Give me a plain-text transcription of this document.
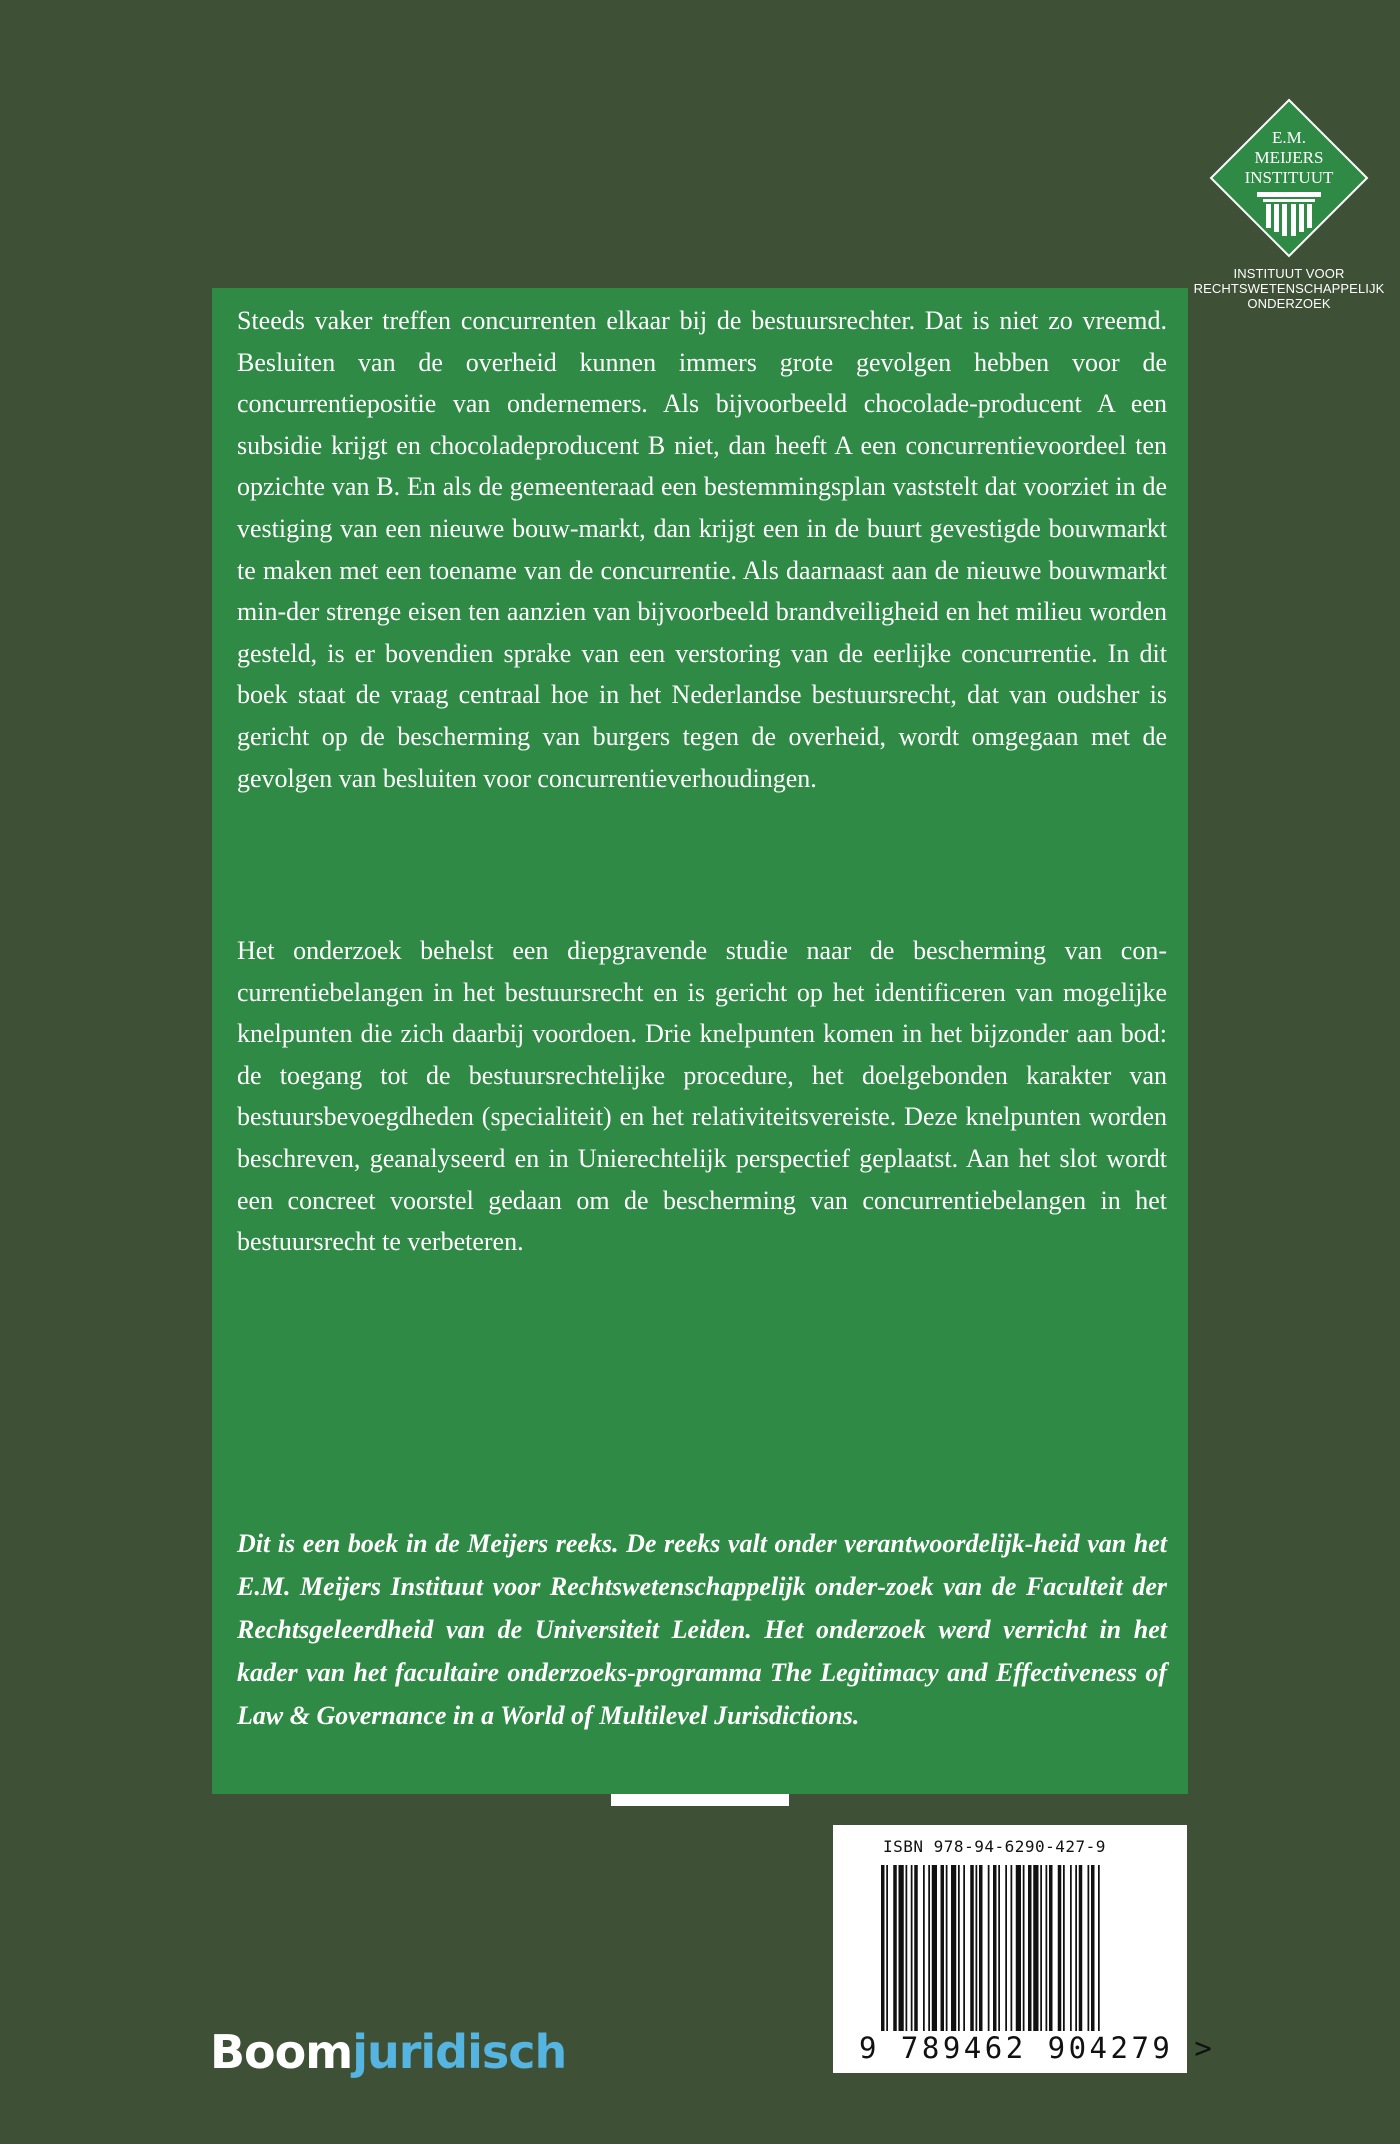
E.M.
MEIJERS
INSTITUUT
INSTITUUT VOOR
RECHTSWETENSCHAPPELIJK
ONDERZOEK

Steeds vaker treffen concurrenten elkaar bij de bestuursrechter. Dat is niet zo vreemd. Besluiten van de overheid kunnen immers grote gevolgen hebben voor de concurrentiepositie van ondernemers. Als bijvoorbeeld chocolade-producent A een subsidie krijgt en chocoladeproducent B niet, dan heeft A een concurrentievoordeel ten opzichte van B. En als de gemeenteraad een bestemmingsplan vaststelt dat voorziet in de vestiging van een nieuwe bouw-markt, dan krijgt een in de buurt gevestigde bouwmarkt te maken met een toename van de concurrentie. Als daarnaast aan de nieuwe bouwmarkt min-der strenge eisen ten aanzien van bijvoorbeeld brandveiligheid en het milieu worden gesteld, is er bovendien sprake van een verstoring van de eerlijke concurrentie. In dit boek staat de vraag centraal hoe in het Nederlandse bestuursrecht, dat van oudsher is gericht op de bescherming van burgers tegen de overheid, wordt omgegaan met de gevolgen van besluiten voor concurrentieverhoudingen.

Het onderzoek behelst een diepgravende studie naar de bescherming van con-currentiebelangen in het bestuursrecht en is gericht op het identificeren van mogelijke knelpunten die zich daarbij voordoen. Drie knelpunten komen in het bijzonder aan bod: de toegang tot de bestuursrechtelijke procedure, het doelgebonden karakter van bestuursbevoegdheden (specialiteit) en het relativiteitsvereiste. Deze knelpunten worden beschreven, geanalyseerd en in Unierechtelijk perspectief geplaatst. Aan het slot wordt een concreet voorstel gedaan om de bescherming van concurrentiebelangen in het bestuursrecht te verbeteren.

Dit is een boek in de Meijers reeks. De reeks valt onder verantwoordelijk-heid van het E.M. Meijers Instituut voor Rechtswetenschappelijk onder-zoek van de Faculteit der Rechtsgeleerdheid van de Universiteit Leiden. Het onderzoek werd verricht in het kader van het facultaire onderzoeks-programma The Legitimacy and Effectiveness of Law & Governance in a World of Multilevel Jurisdictions.

ISBN 978-94-6290-427-9
9 789462 904279 >
Boomjuridisch
